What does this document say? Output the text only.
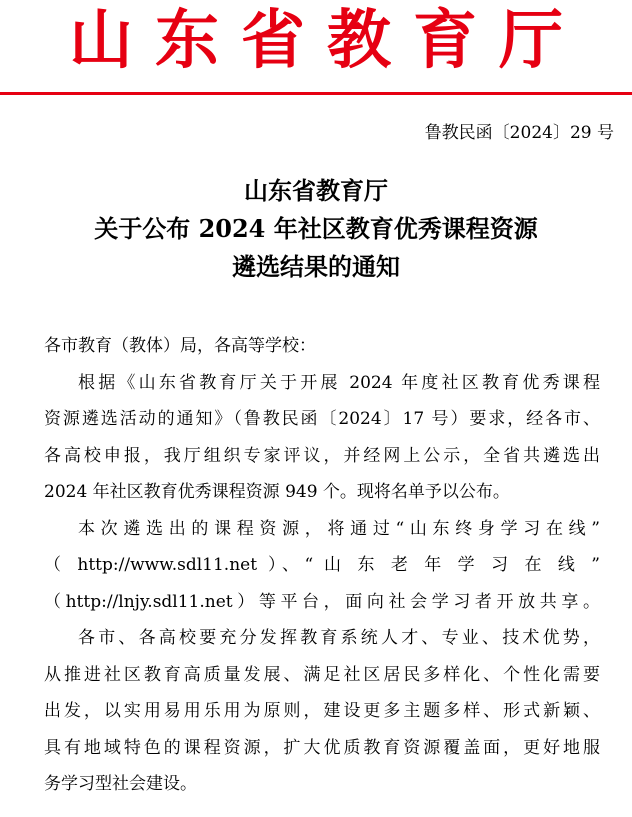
山东省教育厅
鲁教民函〔2024〕29 号
山东省教育厅
关于公布 2024 年社区教育优秀课程资源
遴选结果的通知
各市教育（教体）局，各高等学校：
根据《山东省教育厅关于开展 2024 年度社区教育优秀课程
资源遴选活动的通知》（鲁教民函〔2024〕17 号）要求，经各市、
各高校申报，我厅组织专家评议，并经网上公示，全省共遴选出
2024 年社区教育优秀课程资源 949 个。现将名单予以公布。
本次遴选出的课程资源，将通过“山东终身学习在线”
（ http://www.sdl11.net ）、“ 山 东 老 年 学 习 在 线 ”
（http://lnjy.sdl11.net）等平台，面向社会学习者开放共享。
各市、各高校要充分发挥教育系统人才、专业、技术优势，
从推进社区教育高质量发展、满足社区居民多样化、个性化需要
出发，以实用易用乐用为原则，建设更多主题多样、形式新颖、
具有地域特色的课程资源，扩大优质教育资源覆盖面，更好地服
务学习型社会建设。
